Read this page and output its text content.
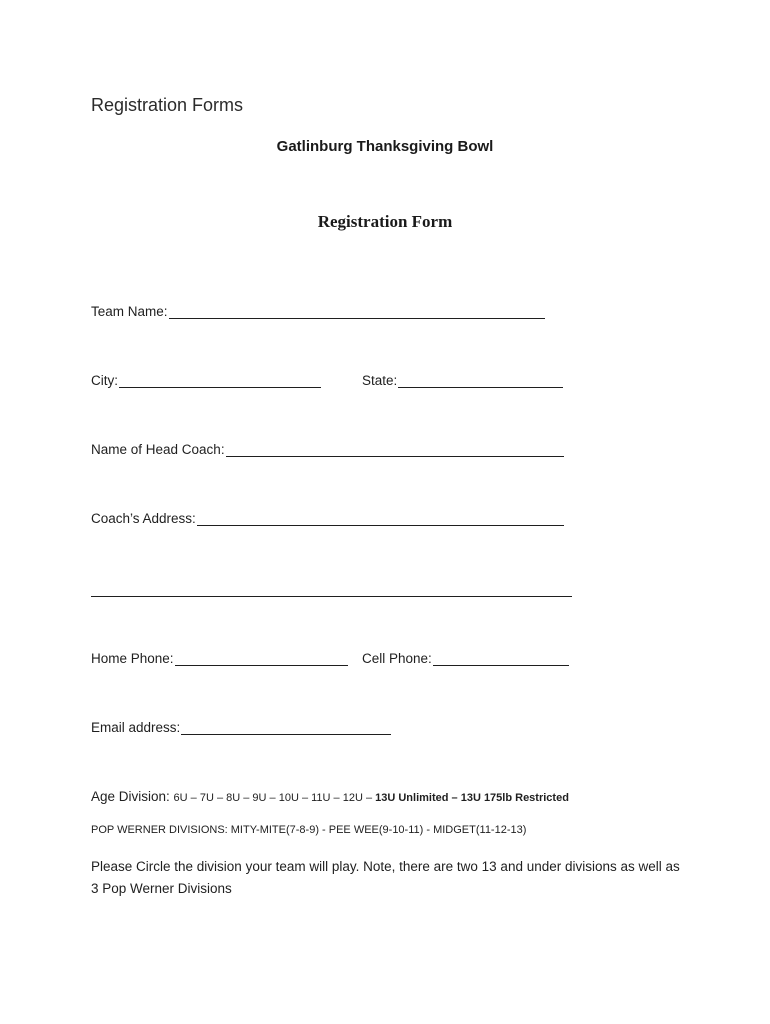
Registration Forms
Gatlinburg Thanksgiving Bowl
Registration Form
Team Name:
City:	State:
Name of Head Coach:
Coach’s Address:
Home Phone:	Cell Phone:
Email address:
Age Division: 6U – 7U – 8U – 9U – 10U – 11U – 12U – 13U Unlimited – 13U 175lb Restricted
POP WERNER DIVISIONS: MITY-MITE(7-8-9) - PEE WEE(9-10-11) - MIDGET(11-12-13)
Please Circle the division your team will play. Note, there are two 13 and under divisions as well as 3 Pop Werner Divisions
